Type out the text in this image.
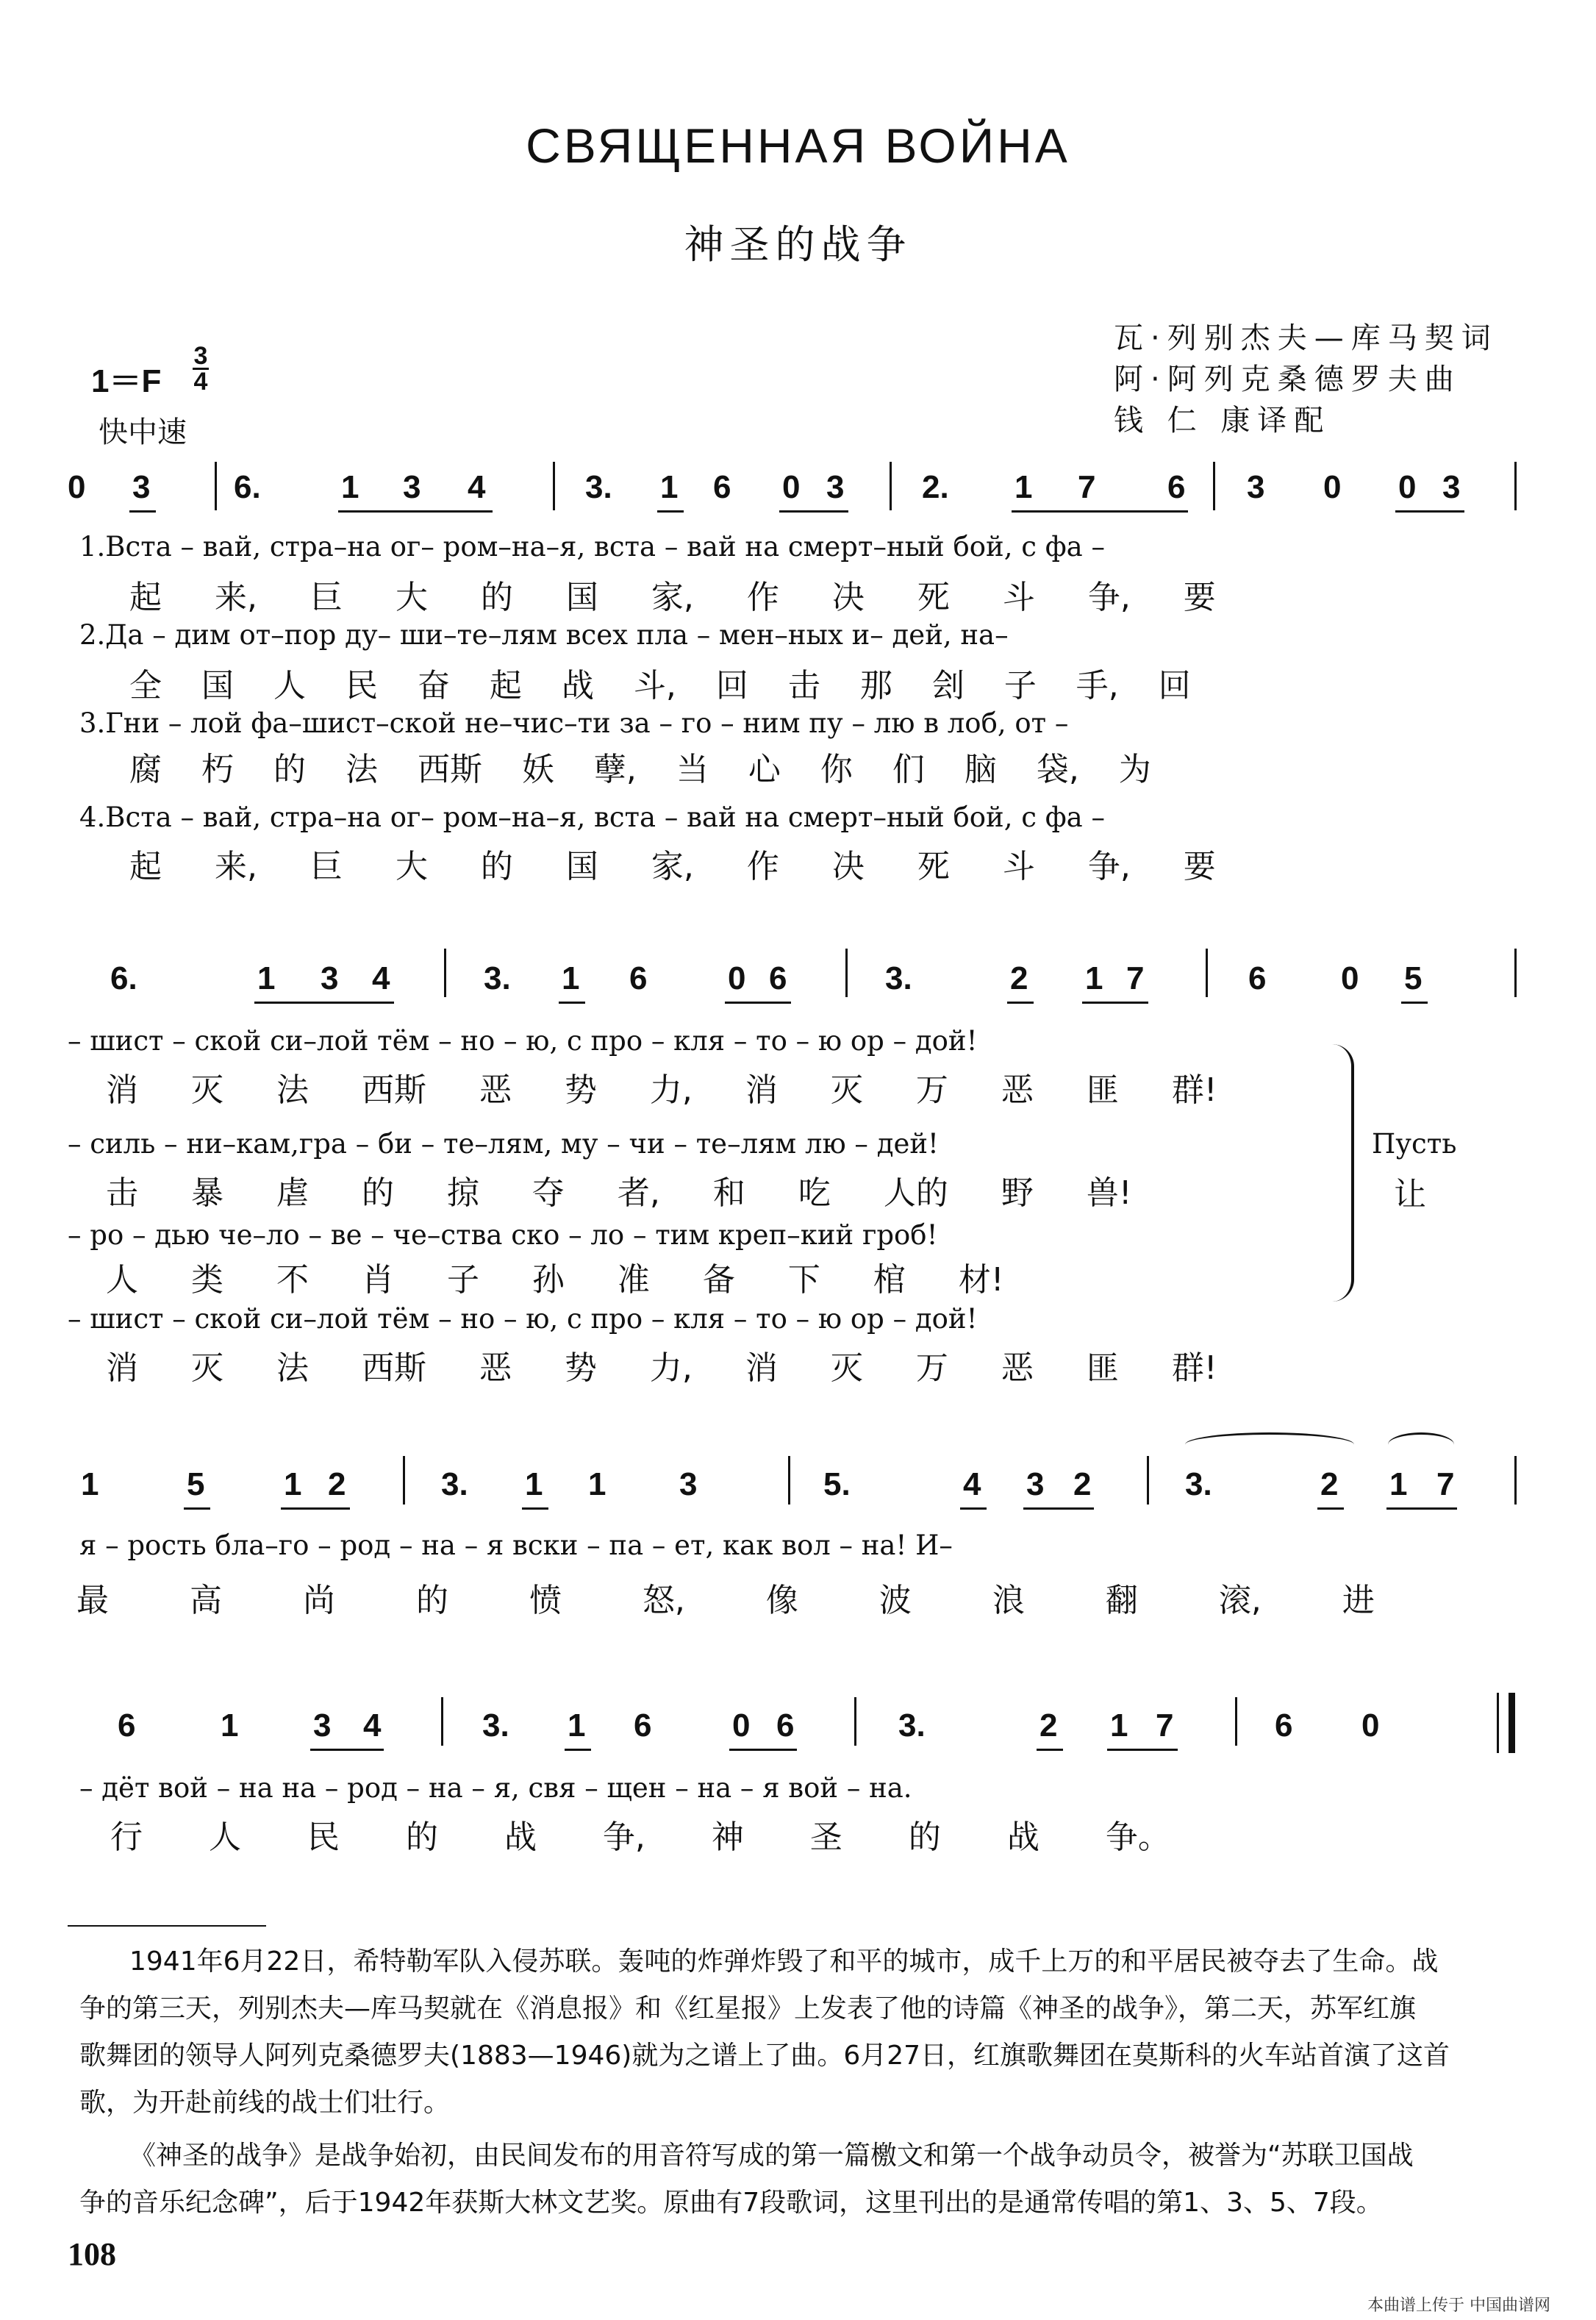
СВЯЩЕННАЯ ВОЙНА
神圣的战争
瓦·列别杰夫—库马契词
阿·阿列克桑德罗夫曲
钱 仁 康译配
1＝F
3
4
快中速
0 3	6. 1 3 4	3. 1 6 0 3 2. 1 7 6 3 0 0 3
1.Вста – вай, стра–на ог– ром–на–я, вста – вай на смерт–ный бой, с фа –
起 来, 巨 大 的 国 家, 作 决 死 斗 争, 要
2.Да – дим от–пор ду– ши–те–лям всех пла – мен–ных и– дей, на–
全 国 人 民 奋 起 战 斗, 回 击 那 刽 子 手, 回
3.Гни – лой фа–шист–ской не–чис–ти за – го – ним пу – лю в лоб, от –
腐 朽 的 法 西斯 妖 孽, 当 心 你 们 脑 袋, 为
4.Вста – вай, стра–на ог– ром–на–я, вста – вай на смерт–ный бой, с фа –
起 来, 巨 大 的 国 家, 作 决 死 斗 争, 要
6.	1 3 4	3. 1 6 0 6	3.	2 1 7	6 0 5
– шист – ской си–лой тём – но – ю, с про – кля – то – ю ор – дой!
消 灭 法 西斯 恶 势 力, 消 灭 万 恶 匪 群!
– силь – ни–кам,гра – би – те–лям, му – чи – те–лям лю – дей!
击 暴 虐 的 掠 夺 者, 和 吃 人的 野 兽!
– ро – дью че–ло – ве – че–ства ско – ло – тим креп–кий гроб!
人 类 不 肖 子 孙 准 备 下 棺 材!
– шист – ской си–лой тём – но – ю, с про – кля – то – ю ор – дой!
消 灭 法 西斯 恶 势 力, 消 灭 万 恶 匪 群!
Пусть
让
1	5 1 2	3. 1 1 3	5.	4 3 2	3.	2 1 7
я – рость бла–го – род – на – я вски – па – ет, как вол – на! И–
最 高 尚 的 愤 怒, 像 波 浪 翻 滚, 进
6	1 3 4	3. 1 6 0 6	3.	2 1 7	6 0
– дёт вой – на на – род – на – я, свя – щен – на – я вой – на.
行 人 民 的 战 争, 神 圣 的 战 争。
1941年6月22日，希特勒军队入侵苏联。轰吨的炸弹炸毁了和平的城市，成千上万的和平居民被夺去了生命。战
争的第三天，列别杰夫—库马契就在《消息报》和《红星报》上发表了他的诗篇《神圣的战争》，第二天，苏军红旗
歌舞团的领导人阿列克桑德罗夫(1883—1946)就为之谱上了曲。6月27日，红旗歌舞团在莫斯科的火车站首演了这首
歌，为开赴前线的战士们壮行。
《神圣的战争》是战争始初，由民间发布的用音符写成的第一篇檄文和第一个战争动员令，被誉为“苏联卫国战
争的音乐纪念碑”，后于1942年获斯大林文艺奖。原曲有7段歌词，这里刊出的是通常传唱的第1、3、5、7段。
108
本曲谱上传于 中国曲谱网
